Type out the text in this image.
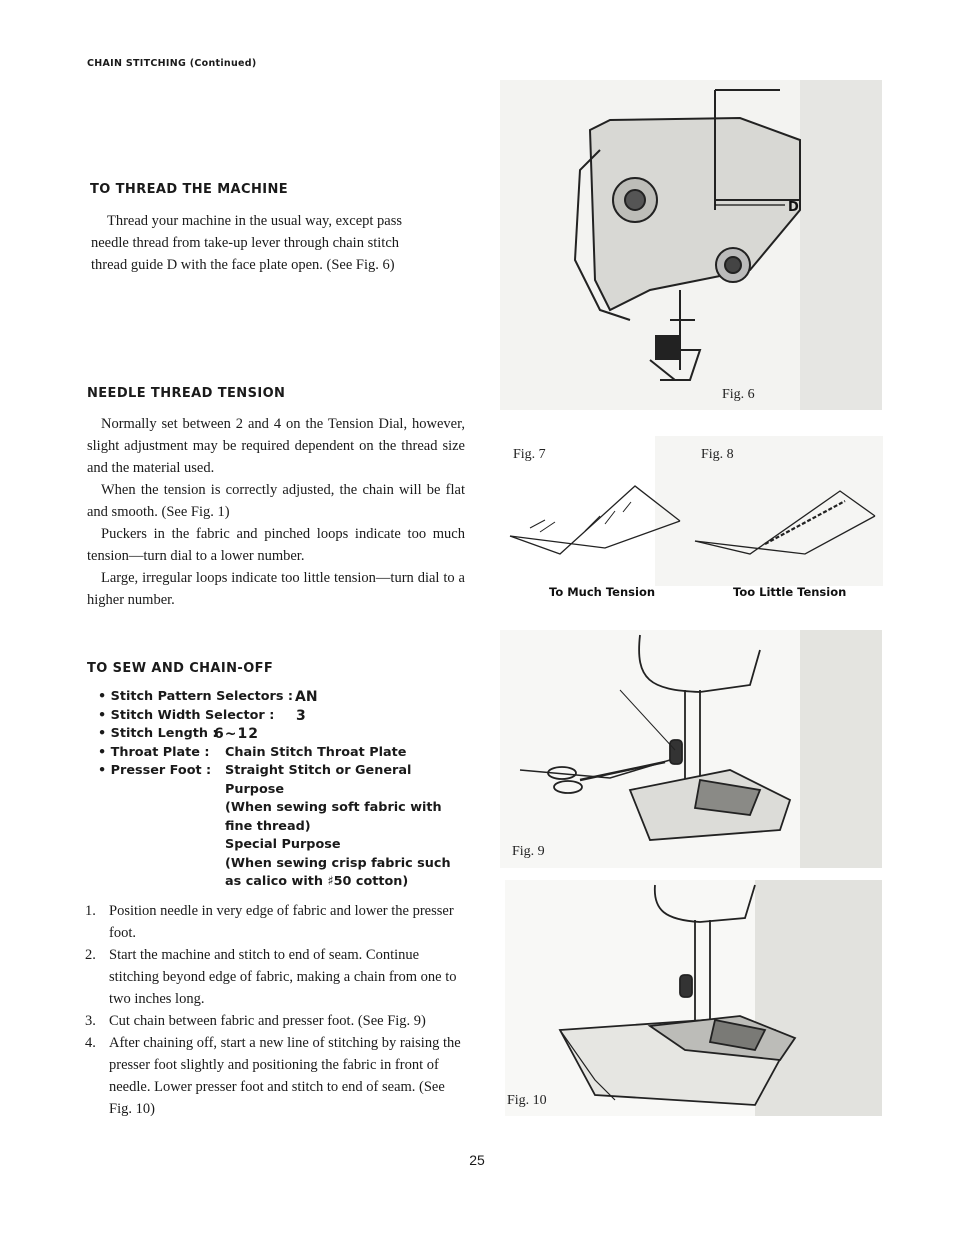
CHAIN STITCHING (Continued)
TO THREAD THE MACHINE
Thread your machine in the usual way, except pass
needle thread from take-up lever through chain stitch
thread guide D with the face plate open. (See Fig. 6)
NEEDLE THREAD TENSION

Normally set between 2 and 4 on the Tension Dial, however, slight adjustment may be required dependent on the thread size and the material used.

When the tension is correctly adjusted, the chain will be flat and smooth. (See Fig. 1)

Puckers in the fabric and pinched loops indicate too much tension—turn dial to a lower number.

Large, irregular loops indicate too little tension—turn dial to a higher number.

TO SEW AND CHAIN-OFF
• Stitch Pattern Selectors : AN
• Stitch Width Selector :	3
• Stitch Length :
6~12
• Throat Plate :	Chain Stitch Throat Plate
• Presser Foot :	Straight Stitch or General Purpose
(When sewing soft fabric with fine thread)
Special Purpose
(When sewing crisp fabric such as calico with ♯50 cotton)
1. Position needle in very edge of fabric and lower the presser foot.
2. Start the machine and stitch to end of seam. Continue stitching beyond edge of fabric, making a chain from one to two inches long.
3. Cut chain between fabric and presser foot. (See Fig. 9)
4. After chaining off, start a new line of stitching by raising the presser foot slightly and positioning the fabric in front of needle. Lower presser foot and stitch to end of seam. (See Fig. 10)
D
Fig. 6
Fig. 7	Fig. 8
To Much Tension	Too Little Tension
Fig. 9
Fig. 10
25
